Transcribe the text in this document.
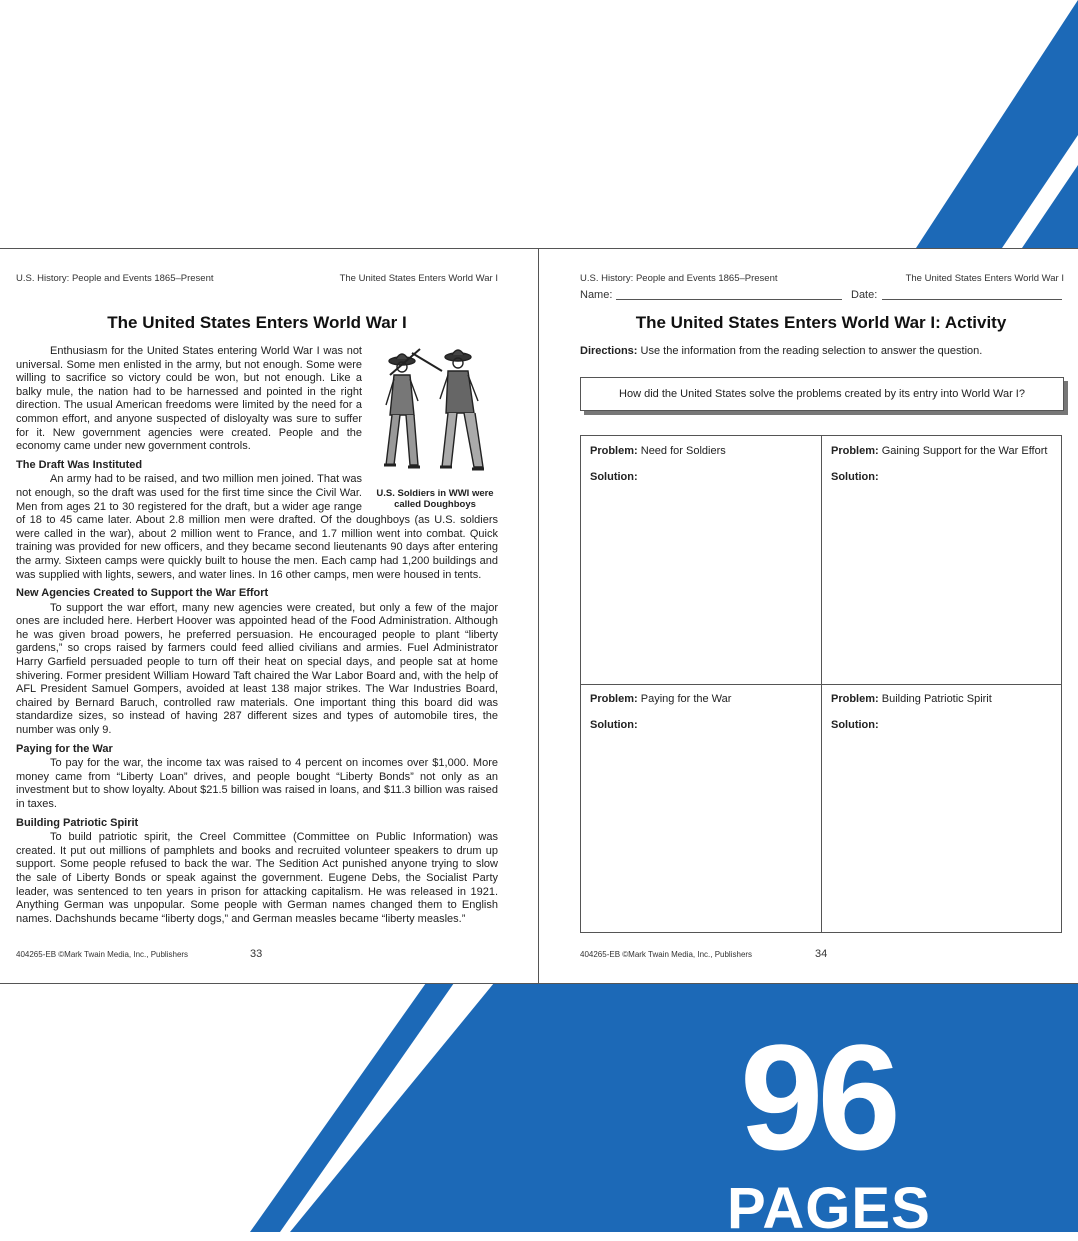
U.S. History: People and Events 1865–Present	The United States Enters World War I
The United States Enters World War I
U.S. Soldiers in WWI were called Doughboys

Enthusiasm for the United States entering World War I was not universal. Some men enlisted in the army, but not enough. Some were willing to sacrifice so victory could be won, but not enough. Like a balky mule, the nation had to be harnessed and pointed in the right direction. The usual American freedoms were limited by the need for a common effort, and anyone suspected of disloyalty was sure to suffer for it. New government agencies were created. People and the economy came under new government controls.

The Draft Was Instituted

An army had to be raised, and two million men joined. That was not enough, so the draft was used for the first time since the Civil War. Men from ages 21 to 30 registered for the draft, but a wider age range of 18 to 45 came later. About 2.8 million men were drafted. Of the doughboys (as U.S. soldiers were called in the war), about 2 million went to France, and 1.7 million went into combat. Quick training was provided for new officers, and they became second lieutenants 90 days after entering the army. Sixteen camps were quickly built to house the men. Each camp had 1,200 buildings and was supplied with lights, sewers, and water lines. In 16 other camps, men were housed in tents.

New Agencies Created to Support the War Effort

To support the war effort, many new agencies were created, but only a few of the major ones are included here. Herbert Hoover was appointed head of the Food Administration. Although he was given broad powers, he preferred persuasion. He encouraged people to plant “liberty gardens,” so crops raised by farmers could feed allied civilians and armies. Fuel Administrator Harry Garfield persuaded people to turn off their heat on special days, and people sat at home shivering. Former president William Howard Taft chaired the War Labor Board and, with the help of AFL President Samuel Gompers, avoided at least 138 major strikes. The War Industries Board, chaired by Bernard Baruch, controlled raw materials. One important thing this board did was standardize sizes, so instead of having 287 different sizes and types of automobile tires, the number was only 9.

Paying for the War

To pay for the war, the income tax was raised to 4 percent on incomes over $1,000. More money came from “Liberty Loan” drives, and people bought “Liberty Bonds” not only as an investment but to show loyalty. About $21.5 billion was raised in loans, and $11.3 billion was raised in taxes.

Building Patriotic Spirit

To build patriotic spirit, the Creel Committee (Committee on Public Information) was created. It put out millions of pamphlets and books and recruited volunteer speakers to drum up support. Some people refused to back the war. The Sedition Act punished anyone trying to slow the sale of Liberty Bonds or speak against the government. Eugene Debs, the Socialist Party leader, was sentenced to ten years in prison for attacking capitalism. He was released in 1921. Anything German was unpopular. Some people with German names changed them to English names. Dachshunds became “liberty dogs,” and German measles became “liberty measles.”

404265-EB ©Mark Twain Media, Inc., Publishers	33
U.S. History: People and Events 1865–Present	The United States Enters World War I
Name:	Date:
The United States Enters World War I: Activity
Directions: Use the information from the reading selection to answer the question.
How did the United States solve the problems created by its entry into World War I?
Problem: Need for Soldiers
Solution:
Problem: Gaining Support for the War Effort
Solution:
Problem: Paying for the War
Solution:
Problem: Building Patriotic Spirit
Solution:
404265-EB ©Mark Twain Media, Inc., Publishers	34
96
PAGES
